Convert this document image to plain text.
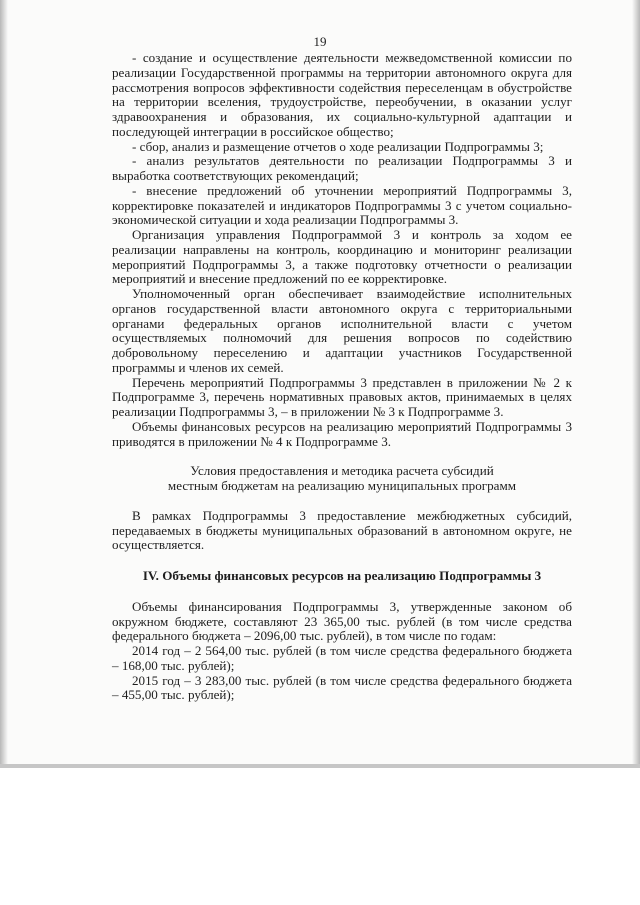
19

- создание и осуществление деятельности межведомственной комиссии по реализации Государственной программы на территории автономного округа для рассмотрения вопросов эффективности содействия переселенцам в обустройстве на территории вселения, трудоустройстве, переобучении, в оказании услуг здравоохранения и образования, их социально-культурной адаптации и последующей интеграции в российское общество;

- сбор, анализ и размещение отчетов о ходе реализации Подпрограммы 3;

- анализ результатов деятельности по реализации Подпрограммы 3 и выработка соответствующих рекомендаций;

- внесение предложений об уточнении мероприятий Подпрограммы 3, корректировке показателей и индикаторов Подпрограммы 3 с учетом социально-экономической ситуации и хода реализации Подпрограммы 3.

Организация управления Подпрограммой 3 и контроль за ходом ее реализации направлены на контроль, координацию и мониторинг реализации мероприятий Подпрограммы 3, а также подготовку отчетности о реализации мероприятий и внесение предложений по ее корректировке.

Уполномоченный орган обеспечивает взаимодействие исполнительных органов государственной власти автономного округа с территориальными органами федеральных органов исполнительной власти с учетом осуществляемых полномочий для решения вопросов по содействию добровольному переселению и адаптации участников Государственной программы и членов их семей.

Перечень мероприятий Подпрограммы 3 представлен в приложении № 2 к Подпрограмме 3, перечень нормативных правовых актов, принимаемых в целях реализации Подпрограммы 3, – в приложении № 3 к Подпрограмме 3.

Объемы финансовых ресурсов на реализацию мероприятий Подпрограммы 3 приводятся в приложении № 4 к Подпрограмме 3.

Условия предоставления и методика расчета субсидий

местным бюджетам на реализацию муниципальных программ

В рамках Подпрограммы 3 предоставление межбюджетных субсидий, передаваемых в бюджеты муниципальных образований в автономном округе, не осуществляется.

IV. Объемы финансовых ресурсов на реализацию Подпрограммы 3

Объемы финансирования Подпрограммы 3, утвержденные законом об окружном бюджете, составляют 23 365,00 тыс. рублей (в том числе средства федерального бюджета – 2096,00 тыс. рублей), в том числе по годам:

2014 год – 2 564,00 тыс. рублей (в том числе средства федерального бюджета – 168,00 тыс. рублей);

2015 год – 3 283,00 тыс. рублей (в том числе средства федерального бюджета – 455,00 тыс. рублей);
